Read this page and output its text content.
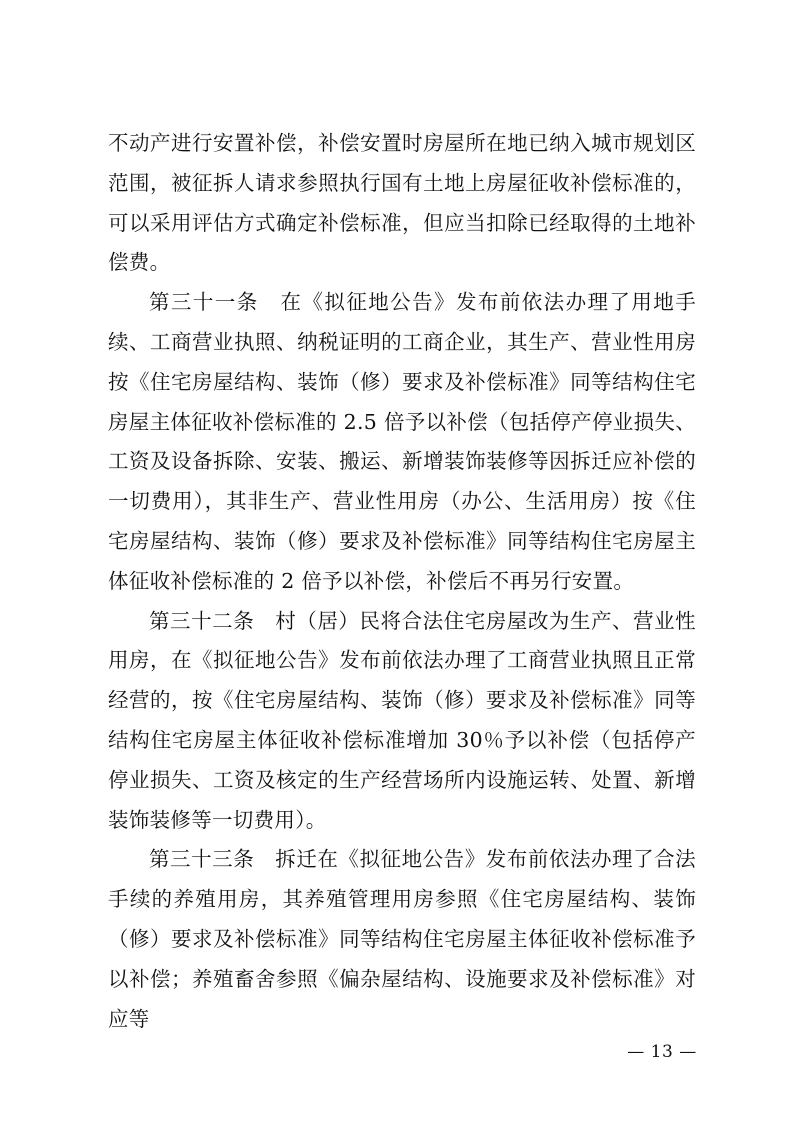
不动产进行安置补偿，补偿安置时房屋所在地已纳入城市规划区范围，被征拆人请求参照执行国有土地上房屋征收补偿标准的，可以采用评估方式确定补偿标准，但应当扣除已经取得的土地补偿费。

第三十一条　在《拟征地公告》发布前依法办理了用地手续、工商营业执照、纳税证明的工商企业，其生产、营业性用房按《住宅房屋结构、装饰（修）要求及补偿标准》同等结构住宅房屋主体征收补偿标准的 2.5 倍予以补偿（包括停产停业损失、工资及设备拆除、安装、搬运、新增装饰装修等因拆迁应补偿的一切费用），其非生产、营业性用房（办公、生活用房）按《住宅房屋结构、装饰（修）要求及补偿标准》同等结构住宅房屋主体征收补偿标准的 2 倍予以补偿，补偿后不再另行安置。

第三十二条　村（居）民将合法住宅房屋改为生产、营业性用房，在《拟征地公告》发布前依法办理了工商营业执照且正常经营的，按《住宅房屋结构、装饰（修）要求及补偿标准》同等结构住宅房屋主体征收补偿标准增加 30％予以补偿（包括停产停业损失、工资及核定的生产经营场所内设施运转、处置、新增装饰装修等一切费用）。

第三十三条　拆迁在《拟征地公告》发布前依法办理了合法手续的养殖用房，其养殖管理用房参照《住宅房屋结构、装饰（修）要求及补偿标准》同等结构住宅房屋主体征收补偿标准予以补偿；养殖畜舍参照《偏杂屋结构、设施要求及补偿标准》对应等

— 13 —
